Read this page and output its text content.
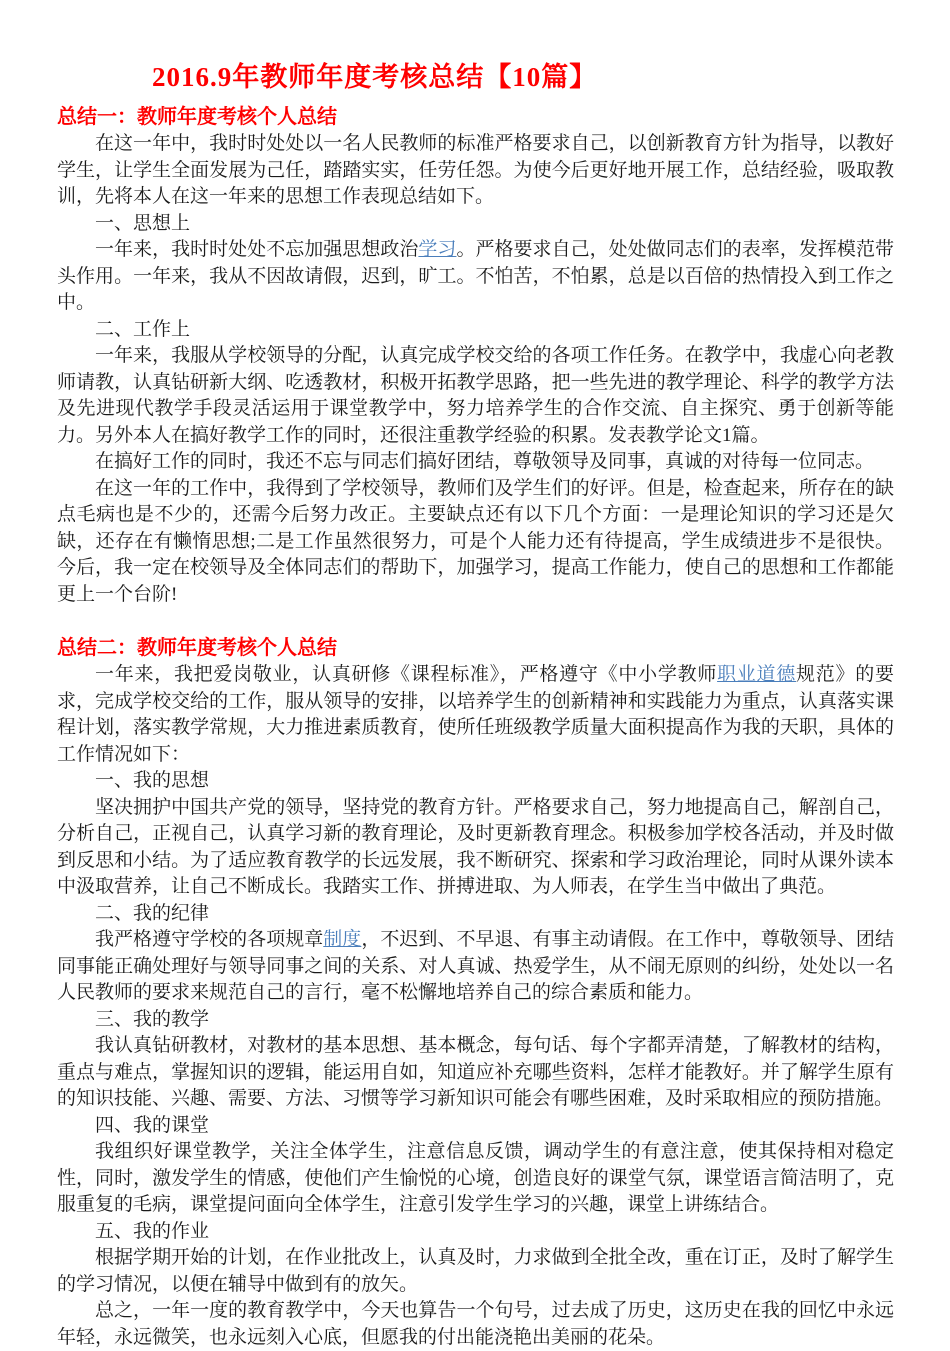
2016.9年教师年度考核总结【10篇】
总结一：教师年度考核个人总结

在这一年中，我时时处处以一名人民教师的标准严格要求自己，以创新教育方针为指导，以教好学生，让学生全面发展为己任，踏踏实实，任劳任怨。为使今后更好地开展工作，总结经验，吸取教训，先将本人在这一年来的思想工作表现总结如下。

一、思想上

一年来，我时时处处不忘加强思想政治学习。严格要求自己，处处做同志们的表率，发挥模范带头作用。一年来，我从不因故请假，迟到，旷工。不怕苦，不怕累，总是以百倍的热情投入到工作之中。

二、工作上

一年来，我服从学校领导的分配，认真完成学校交给的各项工作任务。在教学中，我虚心向老教师请教，认真钻研新大纲、吃透教材，积极开拓教学思路，把一些先进的教学理论、科学的教学方法及先进现代教学手段灵活运用于课堂教学中，努力培养学生的合作交流、自主探究、勇于创新等能力。另外本人在搞好教学工作的同时，还很注重教学经验的积累。发表教学论文1篇。

在搞好工作的同时，我还不忘与同志们搞好团结，尊敬领导及同事，真诚的对待每一位同志。

在这一年的工作中，我得到了学校领导，教师们及学生们的好评。但是，检查起来，所存在的缺点毛病也是不少的，还需今后努力改正。主要缺点还有以下几个方面：一是理论知识的学习还是欠缺，还存在有懒惰思想;二是工作虽然很努力，可是个人能力还有待提高，学生成绩进步不是很快。今后，我一定在校领导及全体同志们的帮助下，加强学习，提高工作能力，使自己的思想和工作都能更上一个台阶!

总结二：教师年度考核个人总结

一年来，我把爱岗敬业，认真研修《课程标准》，严格遵守《中小学教师职业道德规范》的要求，完成学校交给的工作，服从领导的安排，以培养学生的创新精神和实践能力为重点，认真落实课程计划，落实教学常规，大力推进素质教育，使所任班级教学质量大面积提高作为我的天职，具体的工作情况如下：

一、我的思想

坚决拥护中国共产党的领导，坚持党的教育方针。严格要求自己，努力地提高自己，解剖自己，分析自己，正视自己，认真学习新的教育理论，及时更新教育理念。积极参加学校各活动，并及时做到反思和小结。为了适应教育教学的长远发展，我不断研究、探索和学习政治理论，同时从课外读本中汲取营养，让自己不断成长。我踏实工作、拼搏进取、为人师表，在学生当中做出了典范。

二、我的纪律

我严格遵守学校的各项规章制度，不迟到、不早退、有事主动请假。在工作中，尊敬领导、团结同事能正确处理好与领导同事之间的关系、对人真诚、热爱学生，从不闹无原则的纠纷，处处以一名人民教师的要求来规范自己的言行，毫不松懈地培养自己的综合素质和能力。

三、我的教学

我认真钻研教材，对教材的基本思想、基本概念，每句话、每个字都弄清楚，了解教材的结构，重点与难点，掌握知识的逻辑，能运用自如，知道应补充哪些资料，怎样才能教好。并了解学生原有的知识技能、兴趣、需要、方法、习惯等学习新知识可能会有哪些困难，及时采取相应的预防措施。

四、我的课堂

我组织好课堂教学，关注全体学生，注意信息反馈，调动学生的有意注意，使其保持相对稳定性，同时，激发学生的情感，使他们产生愉悦的心境，创造良好的课堂气氛，课堂语言简洁明了，克服重复的毛病，课堂提问面向全体学生，注意引发学生学习的兴趣，课堂上讲练结合。

五、我的作业

根据学期开始的计划，在作业批改上，认真及时，力求做到全批全改，重在订正，及时了解学生的学习情况，以便在辅导中做到有的放矢。

总之，一年一度的教育教学中，今天也算告一个句号，过去成了历史，这历史在我的回忆中永远年轻，永远微笑，也永远刻入心底，但愿我的付出能浇艳出美丽的花朵。
